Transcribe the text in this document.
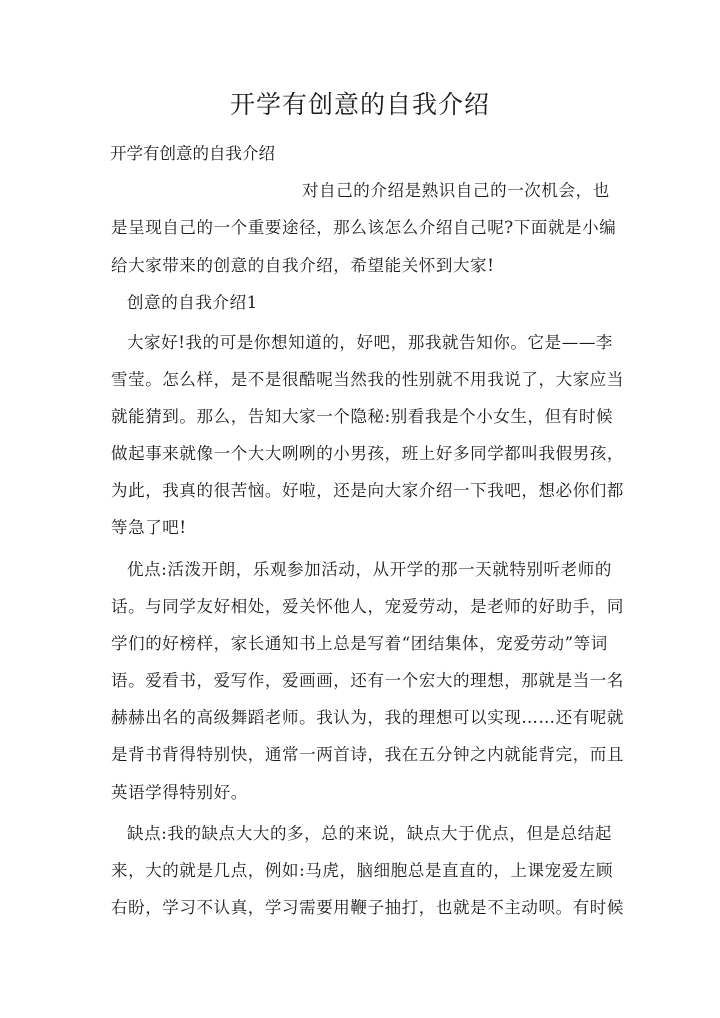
开学有创意的自我介绍
开学有创意的自我介绍
对自己的介绍是熟识自己的一次机会，也
是呈现自己的一个重要途径，那么该怎么介绍自己呢?下面就是小编
给大家带来的创意的自我介绍，希望能关怀到大家!
创意的自我介绍1
大家好!我的可是你想知道的，好吧，那我就告知你。它是——李
雪莹。怎么样，是不是很酷呢当然我的性别就不用我说了，大家应当
就能猜到。那么，告知大家一个隐秘:别看我是个小女生，但有时候
做起事来就像一个大大咧咧的小男孩，班上好多同学都叫我假男孩，
为此，我真的很苦恼。好啦，还是向大家介绍一下我吧，想必你们都
等急了吧!
优点:活泼开朗，乐观参加活动，从开学的那一天就特别听老师的
话。与同学友好相处，爱关怀他人，宠爱劳动，是老师的好助手，同
学们的好榜样，家长通知书上总是写着“团结集体，宠爱劳动”等词
语。爱看书，爱写作，爱画画，还有一个宏大的理想，那就是当一名
赫赫出名的高级舞蹈老师。我认为，我的理想可以实现……还有呢就
是背书背得特别快，通常一两首诗，我在五分钟之内就能背完，而且
英语学得特别好。
缺点:我的缺点大大的多，总的来说，缺点大于优点，但是总结起
来，大的就是几点，例如:马虎，脑细胞总是直直的，上课宠爱左顾
右盼，学习不认真，学习需要用鞭子抽打，也就是不主动呗。有时候
